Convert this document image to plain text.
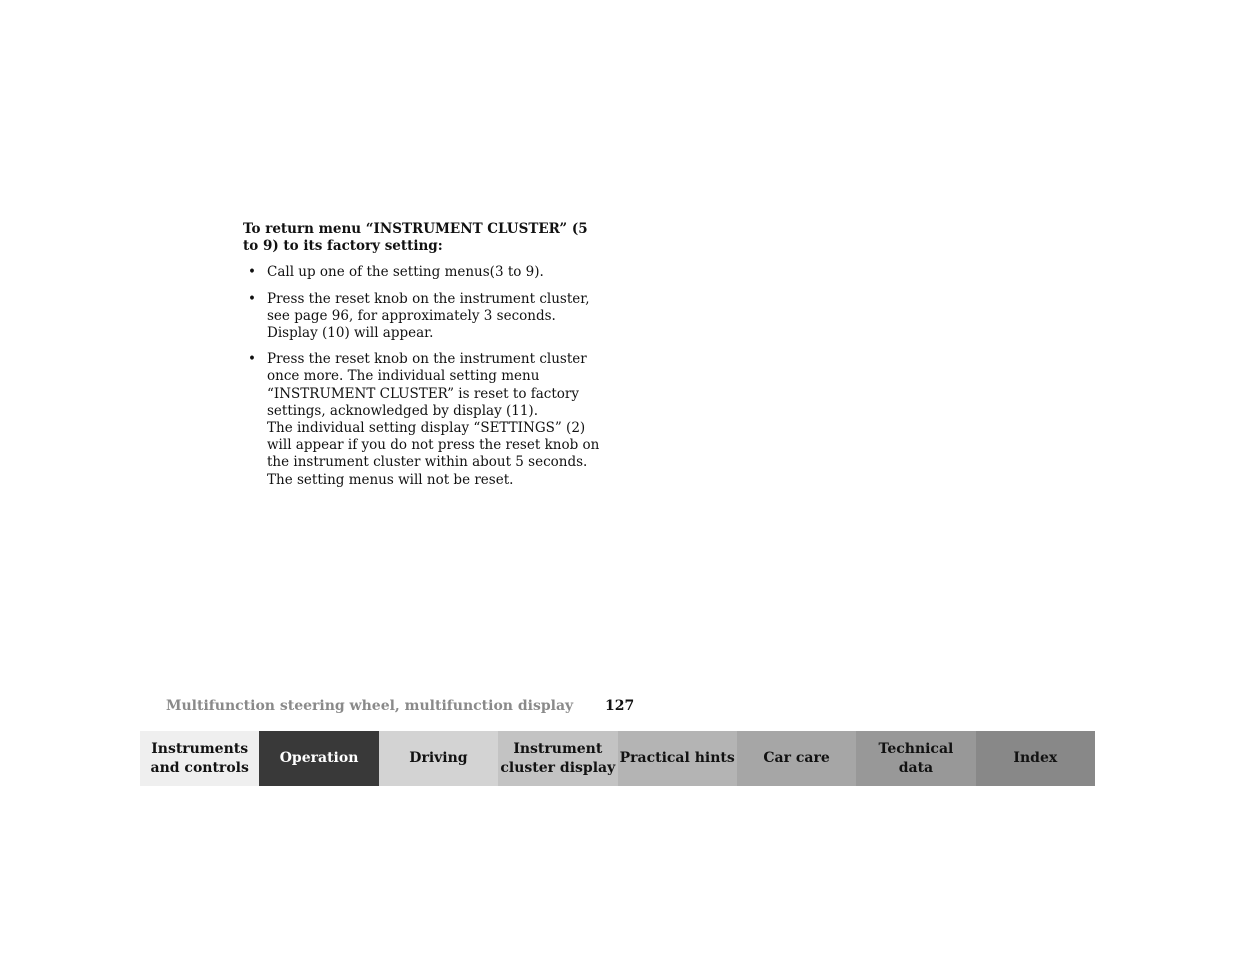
To return menu “INSTRUMENT CLUSTER” (5 to 9) to its factory setting:

• Call up one of the setting menus(3 to 9).

• Press the reset knob on the instrument cluster, see page 96, for approximately 3 seconds. Display (10) will appear.

• Press the reset knob on the instrument cluster once more. The individual setting menu “INSTRUMENT CLUSTER” is reset to factory settings, acknowledged by display (11).

The individual setting display “SETTINGS” (2) will appear if you do not press the reset knob on the instrument cluster within about 5 seconds. The setting menus will not be reset.

Multifunction steering wheel, multifunction display 127
Instruments
and controls
Operation	Driving
Instrument
cluster display
Practical hints	Car care
Technical
data
Index
